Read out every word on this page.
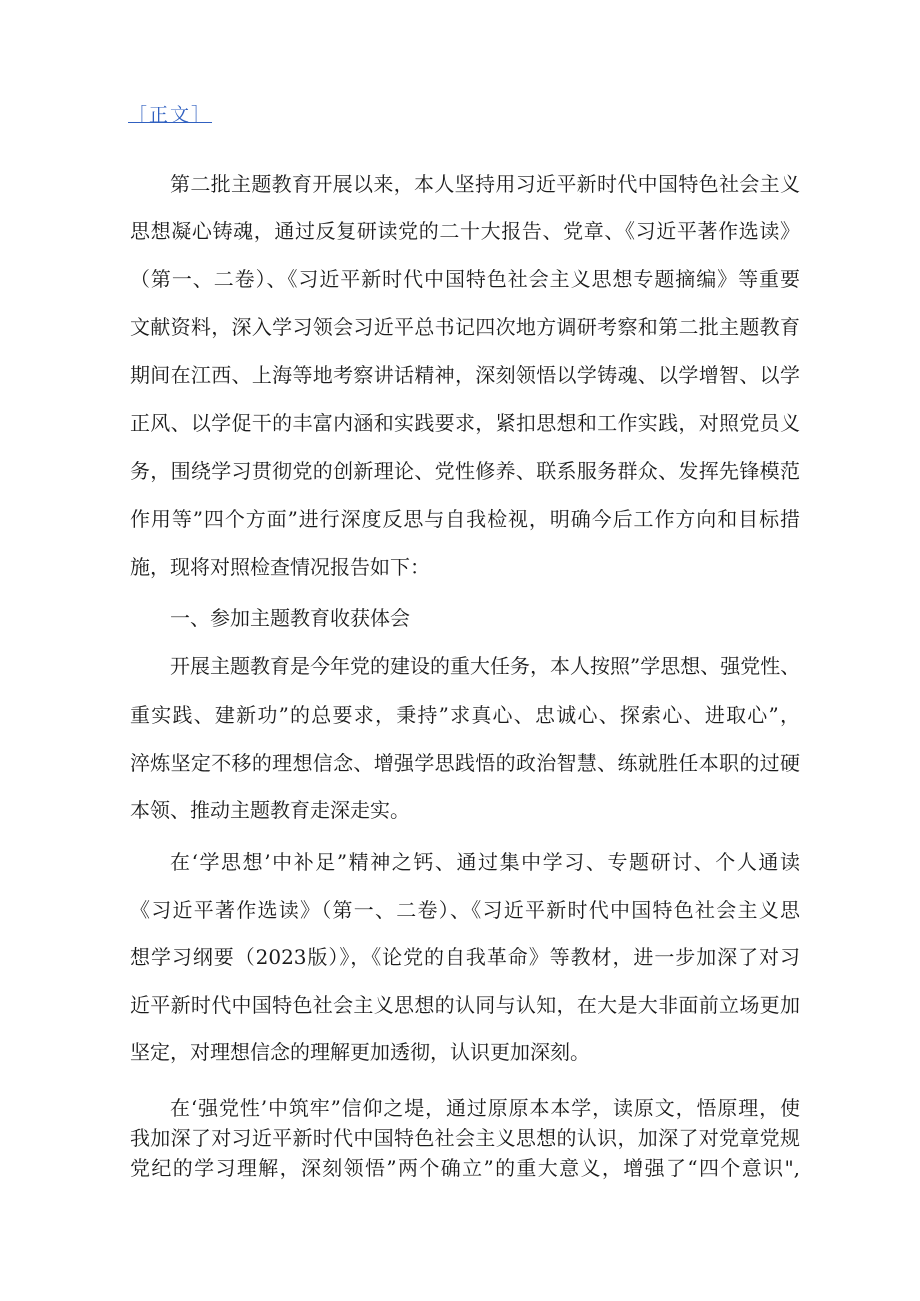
［正文］
第二批主题教育开展以来，本人坚持用习近平新时代中国特色社会主义
思想凝心铸魂，通过反复研读党的二十大报告、党章、《习近平著作选读》
（第一、二卷）、《习近平新时代中国特色社会主义思想专题摘编》等重要
文献资料，深入学习领会习近平总书记四次地方调研考察和第二批主题教育
期间在江西、上海等地考察讲话精神，深刻领悟以学铸魂、以学增智、以学
正风、以学促干的丰富内涵和实践要求，紧扣思想和工作实践，对照党员义
务，围绕学习贯彻党的创新理论、党性修养、联系服务群众、发挥先锋模范
作用等”四个方面”进行深度反思与自我检视，明确今后工作方向和目标措
施，现将对照检查情况报告如下：
一、参加主题教育收获体会
开展主题教育是今年党的建设的重大任务，本人按照”学思想、强党性、
重实践、建新功”的总要求，秉持”求真心、忠诚心、探索心、进取心”，
淬炼坚定不移的理想信念、增强学思践悟的政治智慧、练就胜任本职的过硬
本领、推动主题教育走深走实。
在‘学思想’中补足”精神之钙、通过集中学习、专题研讨、个人通读
《习近平著作选读》（第一、二卷）、《习近平新时代中国特色社会主义思
想学习纲要（2023版）》，《论党的自我革命》等教材，进一步加深了对习
近平新时代中国特色社会主义思想的认同与认知，在大是大非面前立场更加
坚定，对理想信念的理解更加透彻，认识更加深刻。
在‘强党性’中筑牢”信仰之堤，通过原原本本学，读原文，悟原理，使
我加深了对习近平新时代中国特色社会主义思想的认识，加深了对党章党规
党纪的学习理解，深刻领悟”两个确立”的重大意义，增强了“四个意识",
